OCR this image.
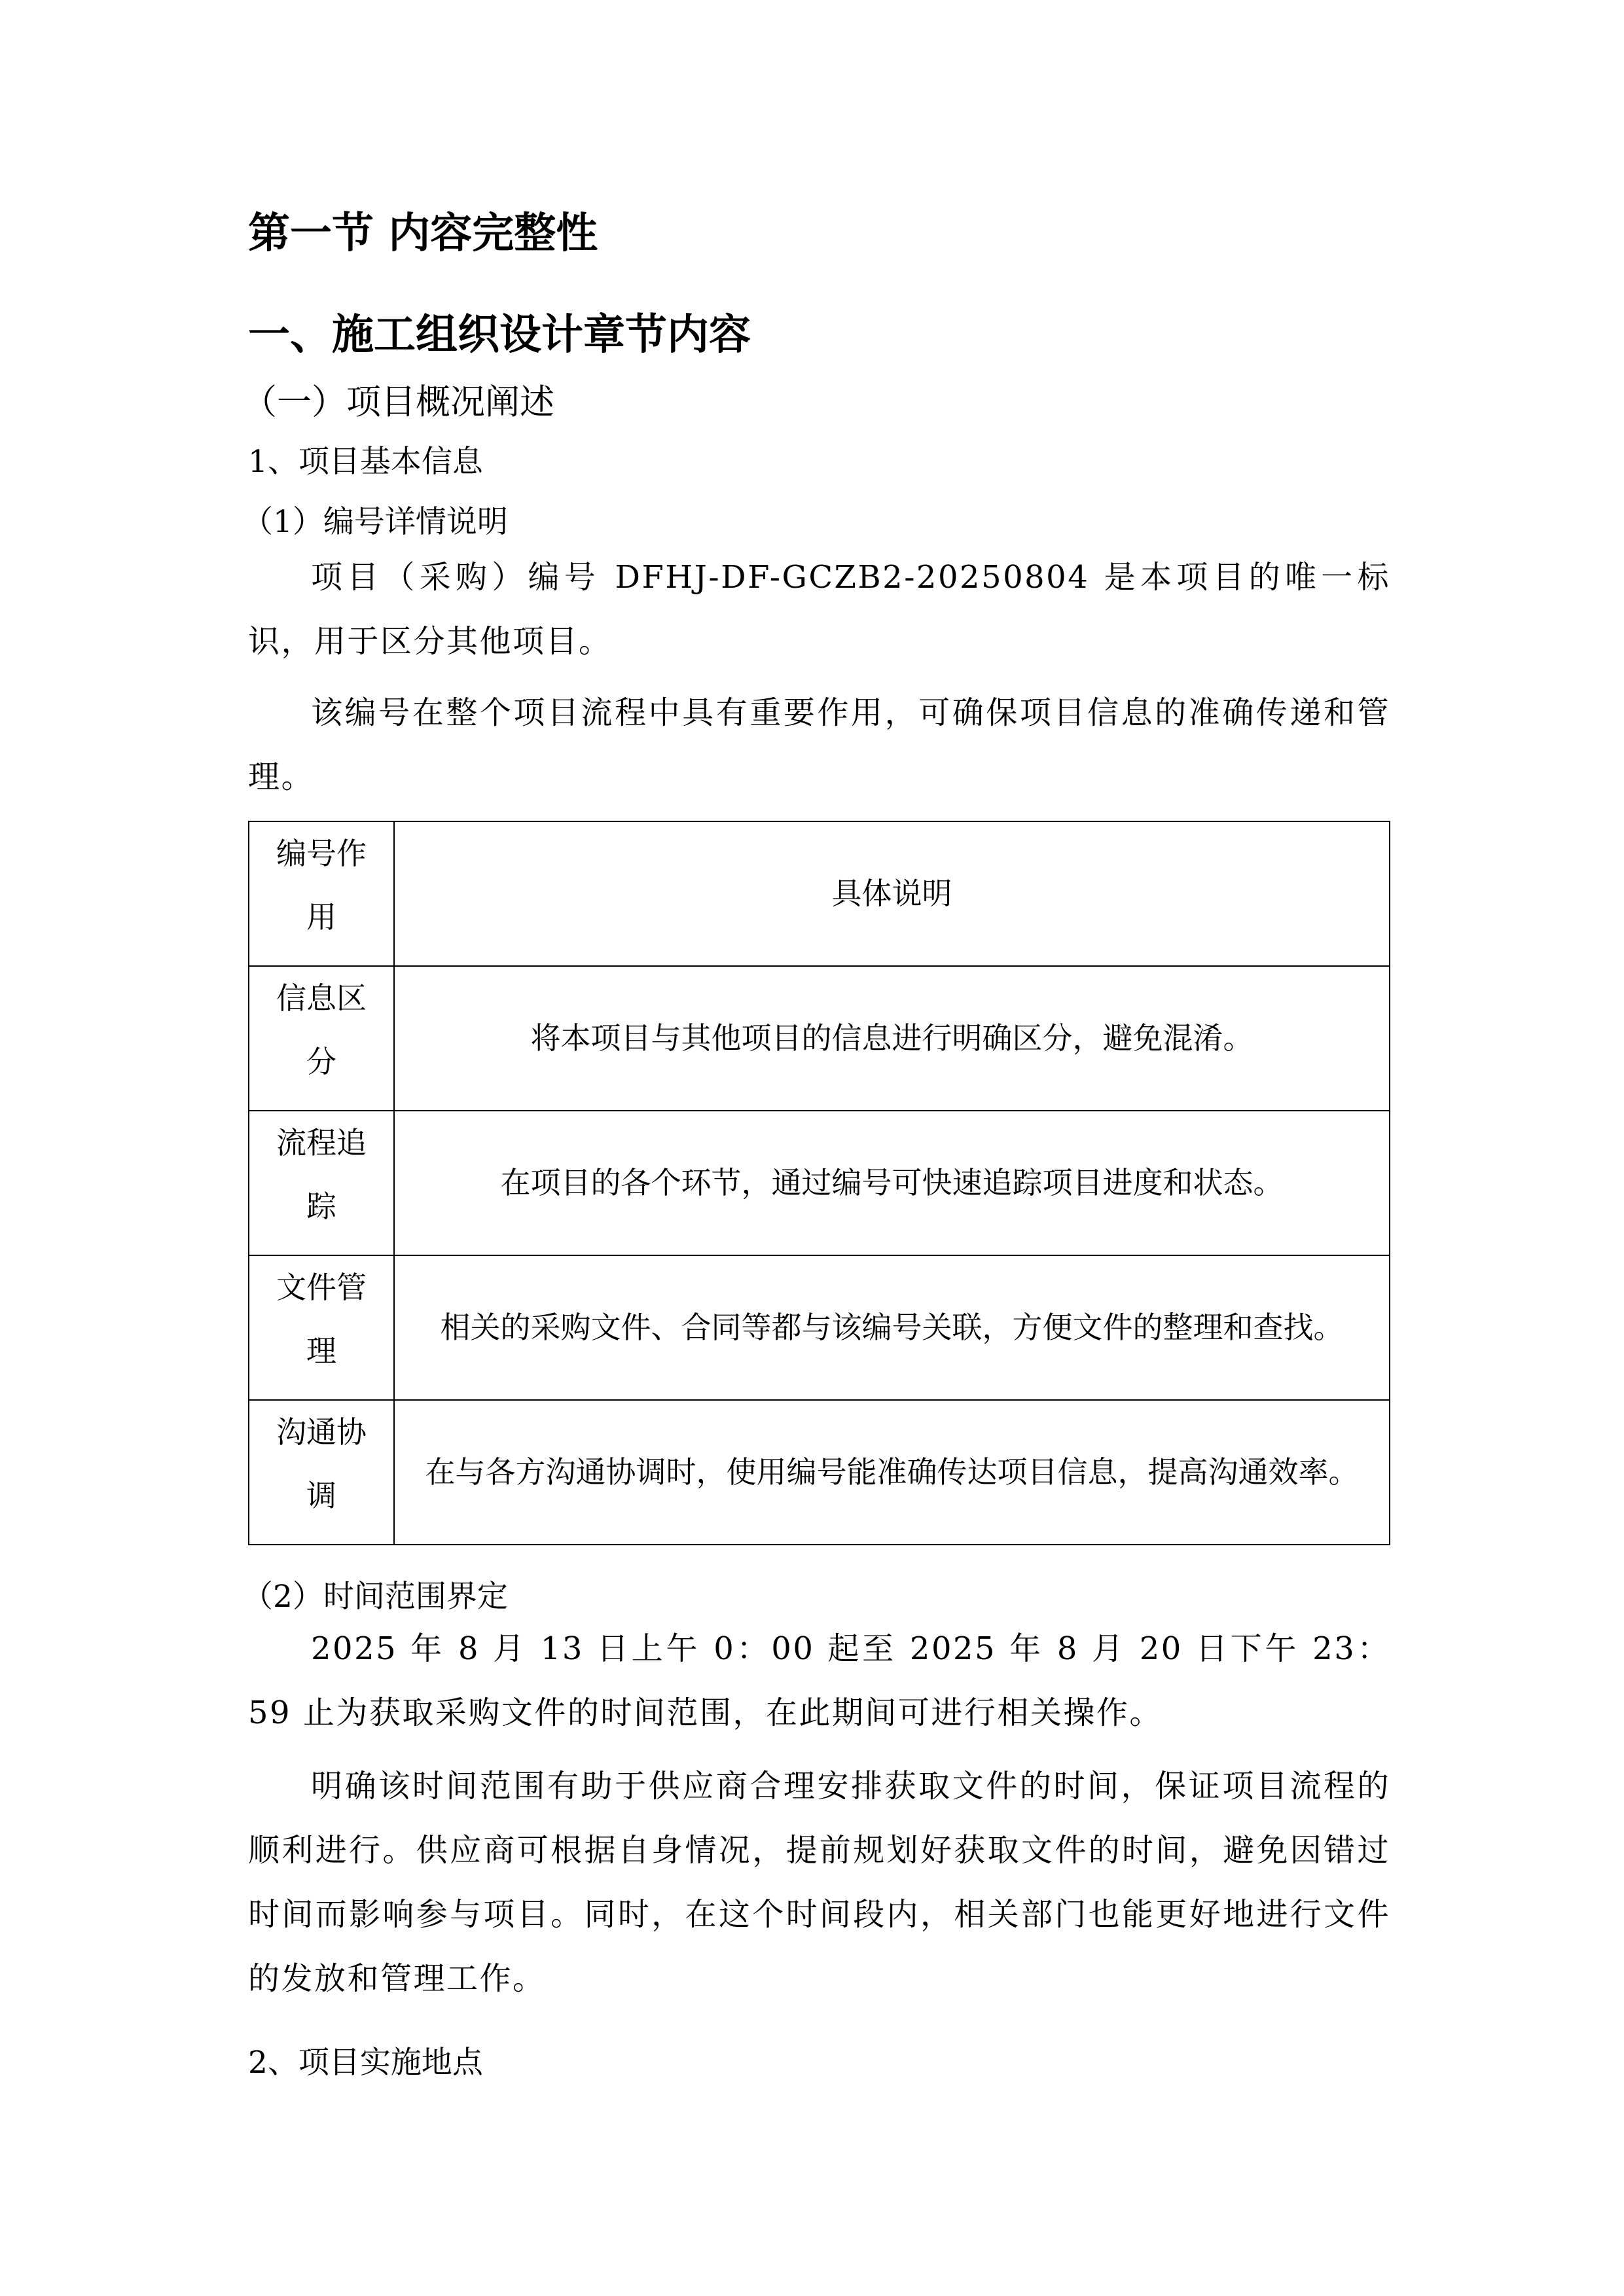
第一节 内容完整性
一、施工组织设计章节内容
（一）项目概况阐述
1、项目基本信息
（1）编号详情说明
项目（采购）编号 DFHJ-DF-GCZB2-20250804 是本项目的唯一标识，用于区分其他项目。
该编号在整个项目流程中具有重要作用，可确保项目信息的准确传递和管理。
编号作用	具体说明
信息区分	将本项目与其他项目的信息进行明确区分，避免混淆。
流程追踪	在项目的各个环节，通过编号可快速追踪项目进度和状态。
文件管理	相关的采购文件、合同等都与该编号关联，方便文件的整理和查找。
沟通协调	在与各方沟通协调时，使用编号能准确传达项目信息，提高沟通效率。
（2）时间范围界定
2025 年 8 月 13 日上午 0：00 起至 2025 年 8 月 20 日下午 23：59 止为获取采购文件的时间范围，在此期间可进行相关操作。
明确该时间范围有助于供应商合理安排获取文件的时间，保证项目流程的顺利进行。供应商可根据自身情况，提前规划好获取文件的时间，避免因错过时间而影响参与项目。同时，在这个时间段内，相关部门也能更好地进行文件的发放和管理工作。
2、项目实施地点
